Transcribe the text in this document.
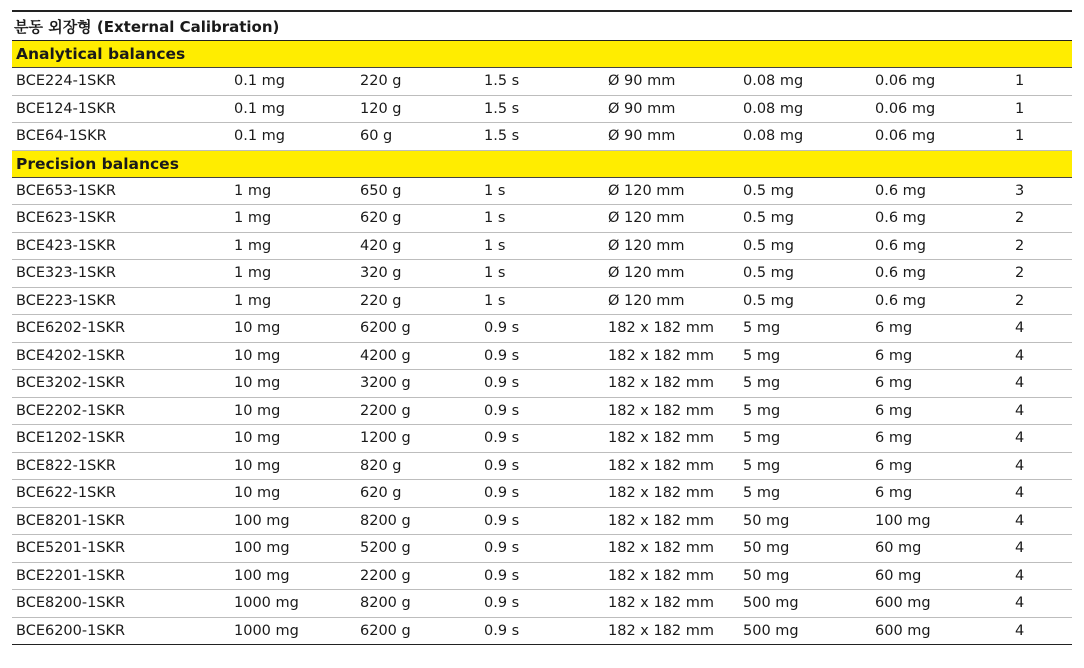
분동 외장형 (External Calibration)
Analytical balances
BCE224-1SKR	0.1 mg	220 g	1.5 s	Ø 90 mm	0.08 mg	0.06 mg	1
BCE124-1SKR	0.1 mg	120 g	1.5 s	Ø 90 mm	0.08 mg	0.06 mg	1
BCE64-1SKR	0.1 mg	60 g	1.5 s	Ø 90 mm	0.08 mg	0.06 mg	1
Precision balances
BCE653-1SKR	1 mg	650 g	1 s	Ø 120 mm	0.5 mg	0.6 mg	3
BCE623-1SKR	1 mg	620 g	1 s	Ø 120 mm	0.5 mg	0.6 mg	2
BCE423-1SKR	1 mg	420 g	1 s	Ø 120 mm	0.5 mg	0.6 mg	2
BCE323-1SKR	1 mg	320 g	1 s	Ø 120 mm	0.5 mg	0.6 mg	2
BCE223-1SKR	1 mg	220 g	1 s	Ø 120 mm	0.5 mg	0.6 mg	2
BCE6202-1SKR	10 mg	6200 g	0.9 s	182 x 182 mm	5 mg	6 mg	4
BCE4202-1SKR	10 mg	4200 g	0.9 s	182 x 182 mm	5 mg	6 mg	4
BCE3202-1SKR	10 mg	3200 g	0.9 s	182 x 182 mm	5 mg	6 mg	4
BCE2202-1SKR	10 mg	2200 g	0.9 s	182 x 182 mm	5 mg	6 mg	4
BCE1202-1SKR	10 mg	1200 g	0.9 s	182 x 182 mm	5 mg	6 mg	4
BCE822-1SKR	10 mg	820 g	0.9 s	182 x 182 mm	5 mg	6 mg	4
BCE622-1SKR	10 mg	620 g	0.9 s	182 x 182 mm	5 mg	6 mg	4
BCE8201-1SKR	100 mg	8200 g	0.9 s	182 x 182 mm	50 mg	100 mg	4
BCE5201-1SKR	100 mg	5200 g	0.9 s	182 x 182 mm	50 mg	60 mg	4
BCE2201-1SKR	100 mg	2200 g	0.9 s	182 x 182 mm	50 mg	60 mg	4
BCE8200-1SKR	1000 mg	8200 g	0.9 s	182 x 182 mm	500 mg	600 mg	4
BCE6200-1SKR	1000 mg	6200 g	0.9 s	182 x 182 mm	500 mg	600 mg	4
